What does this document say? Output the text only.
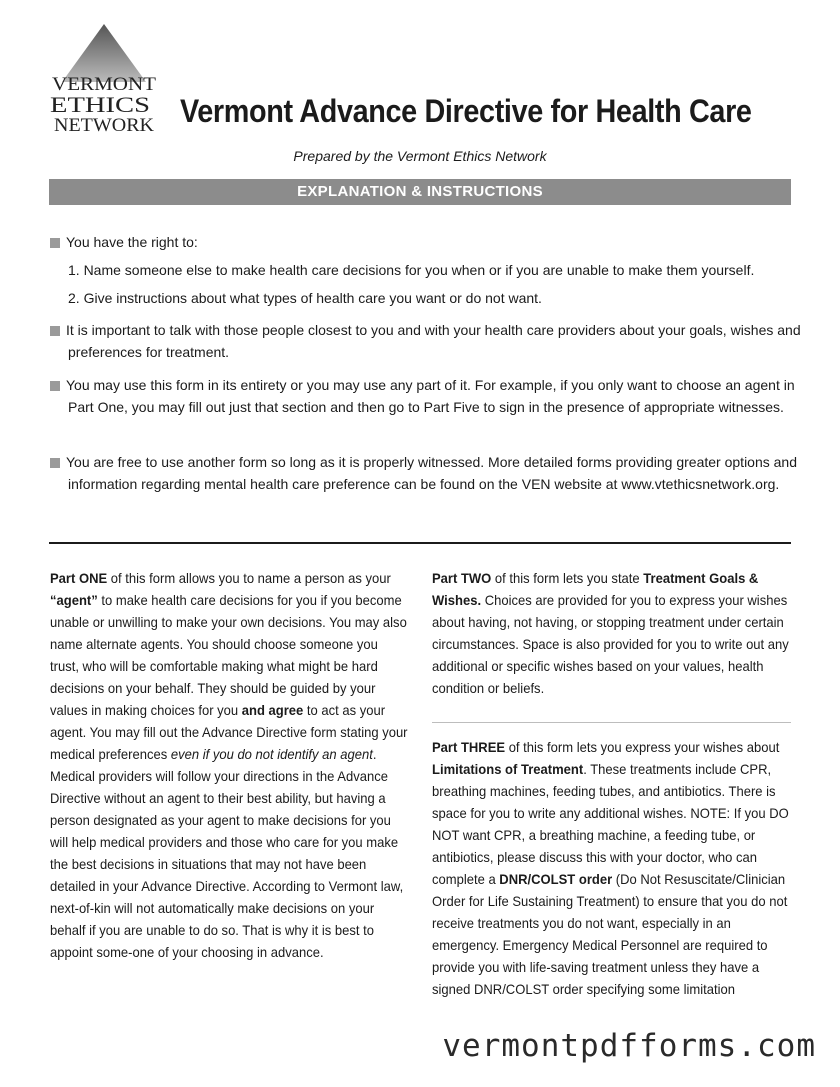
VERMONT
ETHICS
NETWORK Vermont Advance Directive for Health Care
Prepared by the Vermont Ethics Network
EXPLANATION & INSTRUCTIONS
You have the right to:
1. Name someone else to make health care decisions for you when or if you are unable to make them yourself.
2. Give instructions about what types of health care you want or do not want.
It is important to talk with those people closest to you and with your health care providers about your goals, wishes and preferences for treatment.
You may use this form in its entirety or you may use any part of it. For example, if you only want to choose an agent in Part One, you may fill out just that section and then go to Part Five to sign in the presence of appropriate witnesses.
You are free to use another form so long as it is properly witnessed. More detailed forms providing greater options and information regarding mental health care preference can be found on the VEN website at www.vtethicsnetwork.org.

Part ONE of this form allows you to name a person as your “agent” to make health care decisions for you if you become unable or unwilling to make your own decisions. You may also name alternate agents. You should choose someone you trust, who will be comfortable making what might be hard decisions on your behalf. They should be guided by your values in making choices for you and agree to act as your agent. You may fill out the Advance Directive form stating your medical preferences even if you do not identify an agent. Medical providers will follow your directions in the Advance Directive without an agent to their best ability, but having a person designated as your agent to make decisions for you will help medical providers and those who care for you make the best decisions in situations that may not have been detailed in your Advance Directive. According to Vermont law, next-of-kin will not automatically make decisions on your behalf if you are unable to do so. That is why it is best to appoint some-one of your choosing in advance.

Part TWO of this form lets you state Treatment Goals & Wishes. Choices are provided for you to express your wishes about having, not having, or stopping treatment under certain circumstances. Space is also provided for you to write out any additional or specific wishes based on your values, health condition or beliefs.

Part THREE of this form lets you express your wishes about Limitations of Treatment. These treatments include CPR, breathing machines, feeding tubes, and antibiotics. There is space for you to write any additional wishes. NOTE: If you DO NOT want CPR, a breathing machine, a feeding tube, or antibiotics, please discuss this with your doctor, who can complete a DNR/COLST order (Do Not Resuscitate/Clinician Order for Life Sustaining Treatment) to ensure that you do not receive treatments you do not want, especially in an emergency. Emergency Medical Personnel are required to provide you with life-saving treatment unless they have a signed DNR/COLST order specifying some limitation

vermontpdfforms.com
